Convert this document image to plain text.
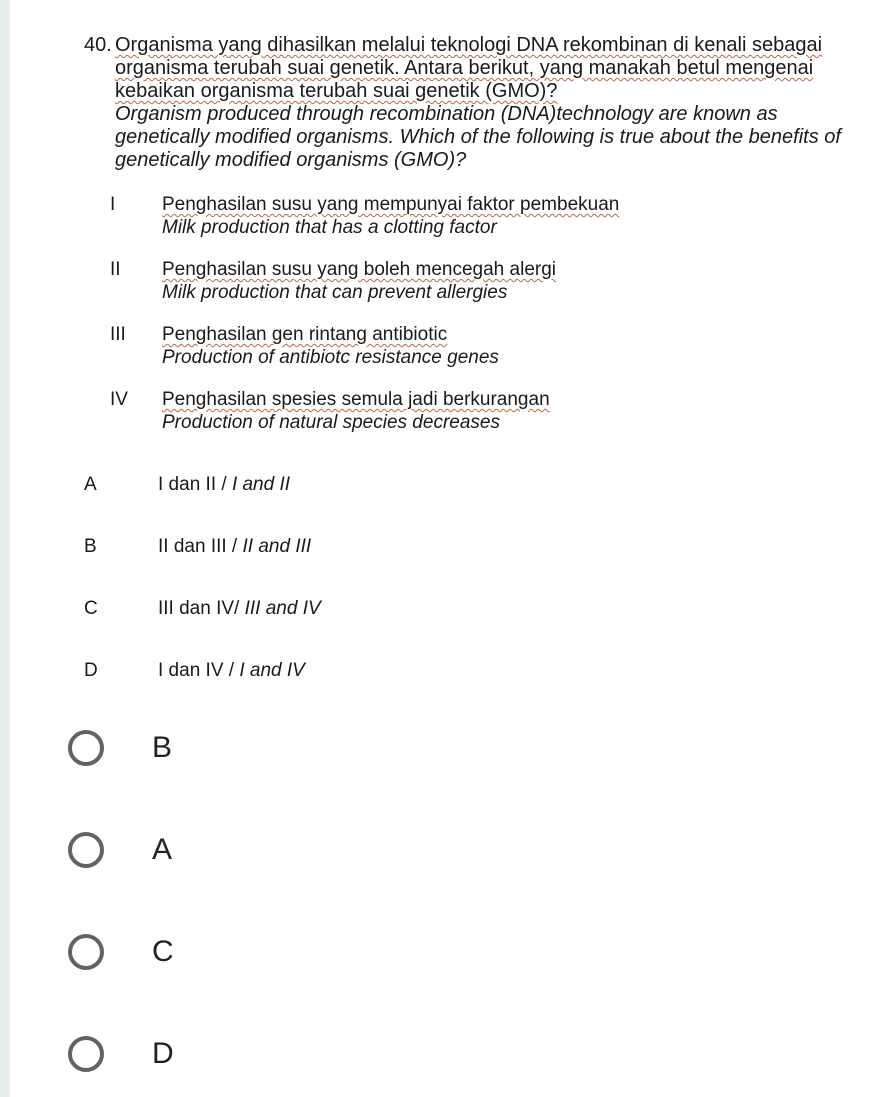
40. Organisma yang dihasilkan melalui teknologi DNA rekombinan di kenali sebagai organisma terubah suai genetik. Antara berikut, yang manakah betul mengenai kebaikan organisma terubah suai genetik (GMO)?
Organism produced through recombination (DNA)technology are known as genetically modified organisms. Which of the following is true about the benefits of genetically modified organisms (GMO)?
I	Penghasilan susu yang mempunyai faktor pembekuan
Milk production that has a clotting factor
II	Penghasilan susu yang boleh mencegah alergi
Milk production that can prevent allergies
III	Penghasilan gen rintang antibiotic
Production of antibiotc resistance genes
IV	Penghasilan spesies semula jadi berkurangan
Production of natural species decreases
A	I dan II / I and II
B	II dan III / II and III
C	III dan IV/ III and IV
D	I dan IV / I and IV
B
A
C
D
